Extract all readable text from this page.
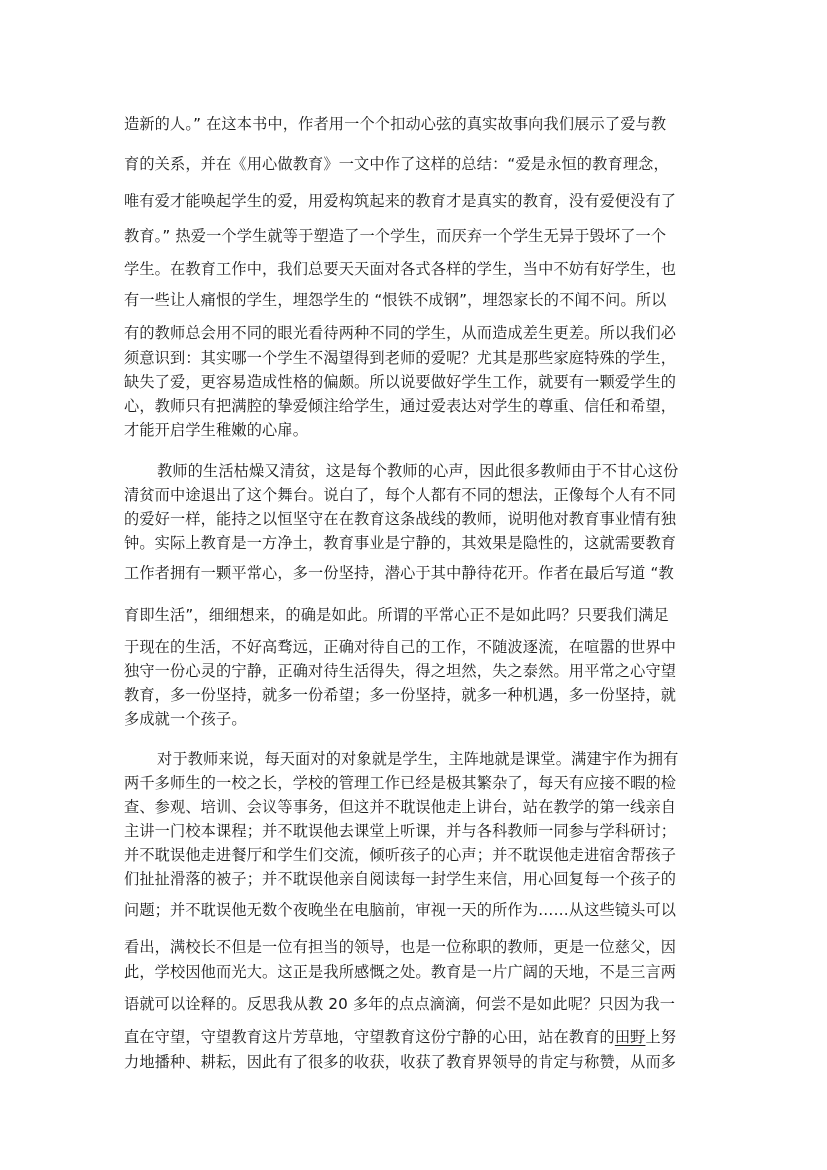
造新的人。” 在这本书中，作者用一个个扣动心弦的真实故事向我们展示了爱与教
育的关系，并在《用心做教育》一文中作了这样的总结：“爱是永恒的教育理念，
唯有爱才能唤起学生的爱，用爱构筑起来的教育才是真实的教育，没有爱便没有了
教育。” 热爱一个学生就等于塑造了一个学生，而厌弃一个学生无异于毁坏了一个
学生。在教育工作中，我们总要天天面对各式各样的学生，当中不妨有好学生，也
有一些让人痛恨的学生，埋怨学生的 “恨铁不成钢”，埋怨家长的不闻不问。所以
有的教师总会用不同的眼光看待两种不同的学生，从而造成差生更差。所以我们必
须意识到：其实哪一个学生不渴望得到老师的爱呢？尤其是那些家庭特殊的学生，
缺失了爱，更容易造成性格的偏颇。所以说要做好学生工作，就要有一颗爱学生的
心，教师只有把满腔的挚爱倾注给学生，通过爱表达对学生的尊重、信任和希望，
才能开启学生稚嫩的心扉。
教师的生活枯燥又清贫，这是每个教师的心声，因此很多教师由于不甘心这份
清贫而中途退出了这个舞台。说白了，每个人都有不同的想法，正像每个人有不同
的爱好一样，能持之以恒坚守在在教育这条战线的教师，说明他对教育事业情有独
钟。实际上教育是一方净土，教育事业是宁静的，其效果是隐性的，这就需要教育
工作者拥有一颗平常心，多一份坚持，潜心于其中静待花开。作者在最后写道 “教
育即生活”，细细想来，的确是如此。所谓的平常心正不是如此吗？只要我们满足
于现在的生活，不好高骛远，正确对待自己的工作，不随波逐流，在喧嚣的世界中
独守一份心灵的宁静，正确对待生活得失，得之坦然，失之泰然。用平常之心守望
教育，多一份坚持，就多一份希望；多一份坚持，就多一种机遇，多一份坚持，就
多成就一个孩子。
对于教师来说，每天面对的对象就是学生，主阵地就是课堂。满建宇作为拥有
两千多师生的一校之长，学校的管理工作已经是极其繁杂了，每天有应接不暇的检
查、参观、培训、会议等事务，但这并不耽误他走上讲台，站在教学的第一线亲自
主讲一门校本课程；并不耽误他去课堂上听课，并与各科教师一同参与学科研讨；
并不耽误他走进餐厅和学生们交流，倾听孩子的心声；并不耽误他走进宿舍帮孩子
们扯扯滑落的被子；并不耽误他亲自阅读每一封学生来信，用心回复每一个孩子的
问题；并不耽误他无数个夜晚坐在电脑前，审视一天的所作为……从这些镜头可以
看出，满校长不但是一位有担当的领导，也是一位称职的教师，更是一位慈父，因
此，学校因他而光大。这正是我所感慨之处。教育是一片广阔的天地，不是三言两
语就可以诠释的。反思我从教 20 多年的点点滴滴，何尝不是如此呢？只因为我一
直在守望，守望教育这片芳草地，守望教育这份宁静的心田，站在教育的田野上努
力地播种、耕耘，因此有了很多的收获，收获了教育界领导的肯定与称赞，从而多
